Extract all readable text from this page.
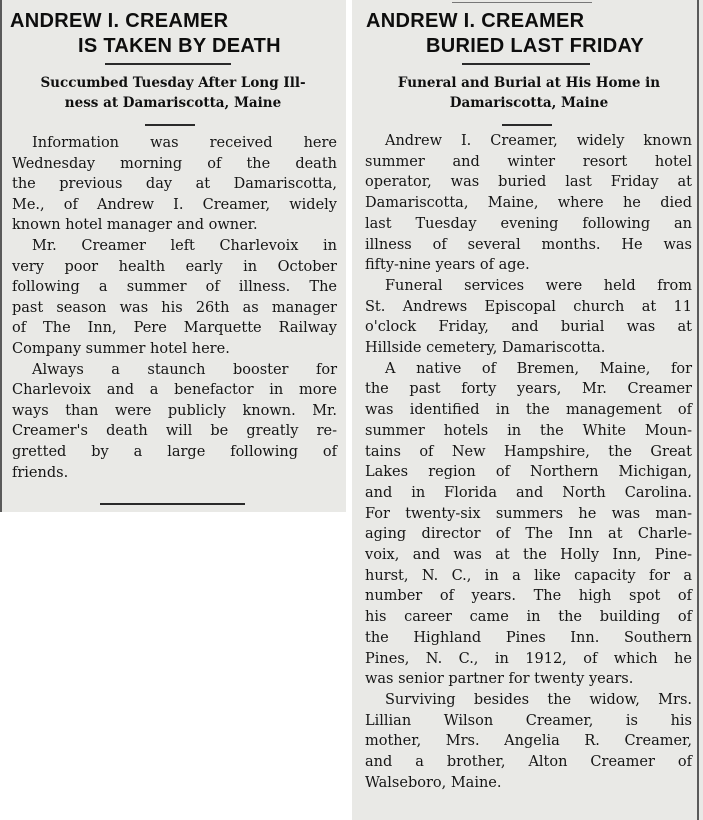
ANDREW I. CREAMER
IS TAKEN BY DEATH
Succumbed Tuesday After Long Ill-
ness at Damariscotta, Maine
Information was received here
Wednesday morning of the death
the previous day at Damariscotta,
Me., of Andrew I. Creamer, widely
known hotel manager and owner.
Mr. Creamer left Charlevoix in
very poor health early in October
following a summer of illness. The
past season was his 26th as manager
of The Inn, Pere Marquette Railway
Company summer hotel here.
Always a staunch booster for
Charlevoix and a benefactor in more
ways than were publicly known. Mr.
Creamer's death will be greatly re-
gretted by a large following of
friends.
ANDREW I. CREAMER
BURIED LAST FRIDAY
Funeral and Burial at His Home in
Damariscotta, Maine
Andrew I. Creamer, widely known
summer and winter resort hotel
operator, was buried last Friday at
Damariscotta, Maine, where he died
last Tuesday evening following an
illness of several months. He was
fifty-nine years of age.
Funeral services were held from
St. Andrews Episcopal church at 11
o'clock Friday, and burial was at
Hillside cemetery, Damariscotta.
A native of Bremen, Maine, for
the past forty years, Mr. Creamer
was identified in the management of
summer hotels in the White Moun-
tains of New Hampshire, the Great
Lakes region of Northern Michigan,
and in Florida and North Carolina.
For twenty-six summers he was man-
aging director of The Inn at Charle-
voix, and was at the Holly Inn, Pine-
hurst, N. C., in a like capacity for a
number of years. The high spot of
his career came in the building of
the Highland Pines Inn. Southern
Pines, N. C., in 1912, of which he
was senior partner for twenty years.
Surviving besides the widow, Mrs.
Lillian Wilson Creamer, is his
mother, Mrs. Angelia R. Creamer,
and a brother, Alton Creamer of
Walseboro, Maine.
